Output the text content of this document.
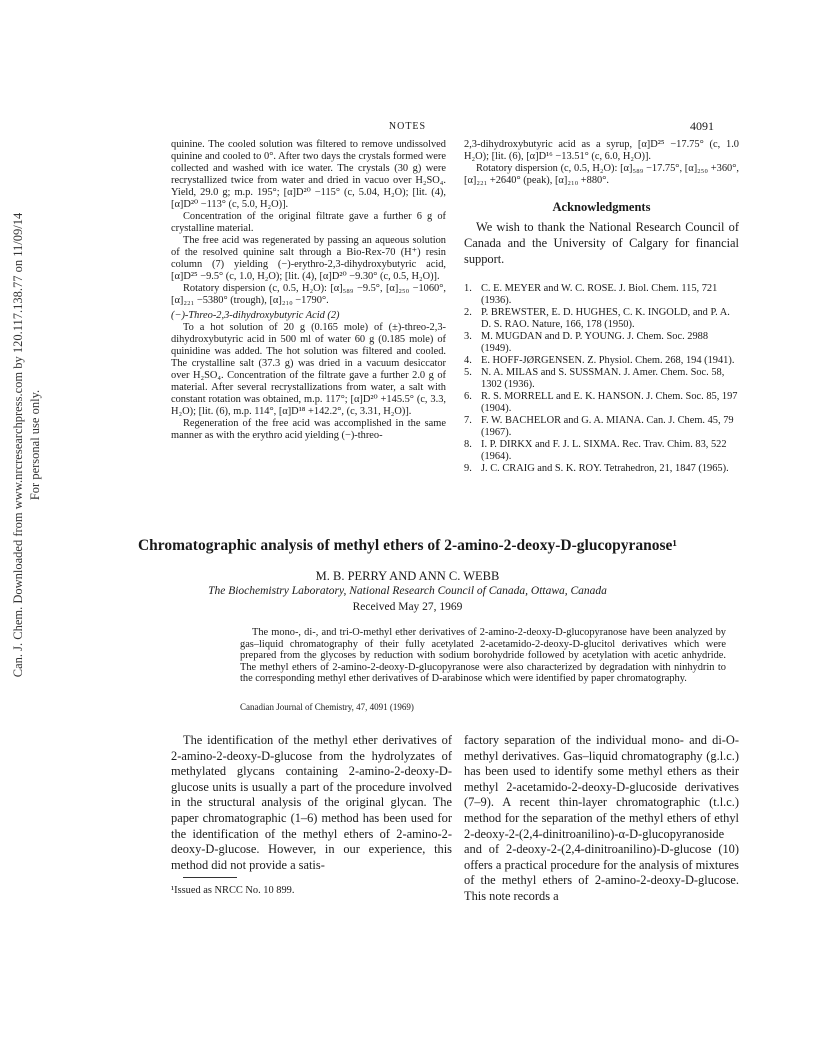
Can. J. Chem. Downloaded from www.nrcresearchpress.com by 120.117.138.77 on 11/09/14 For personal use only.
NOTES	4091

quinine. The cooled solution was filtered to remove undissolved quinine and cooled to 0°. After two days the crystals formed were collected and washed with ice water. The crystals (30 g) were recrystallized twice from water and dried in vacuo over H₂SO₄. Yield, 29.0 g; m.p. 195°; [α]D²⁰ −115° (c, 5.04, H₂O); [lit. (4), [α]D²⁰ −113° (c, 5.0, H₂O)].

Concentration of the original filtrate gave a further 6 g of crystalline material.

The free acid was regenerated by passing an aqueous solution of the resolved quinine salt through a Bio-Rex-70 (H⁺) resin column (7) yielding (−)-erythro-2,3-dihydroxybutyric acid, [α]D²⁵ −9.5° (c, 1.0, H₂O); [lit. (4), [α]D²⁰ −9.30° (c, 0.5, H₂O)].

Rotatory dispersion (c, 0.5, H₂O): [α]₅₈₉ −9.5°, [α]₂₅₀ −1060°, [α]₂₂₁ −5380° (trough), [α]₂₁₀ −1790°.

(−)-Threo-2,3-dihydroxybutyric Acid (2)

To a hot solution of 20 g (0.165 mole) of (±)-threo-2,3-dihydroxybutyric acid in 500 ml of water 60 g (0.185 mole) of quinidine was added. The hot solution was filtered and cooled. The crystalline salt (37.3 g) was dried in a vacuum desiccator over H₂SO₄. Concentration of the filtrate gave a further 2.0 g of material. After several recrystallizations from water, a salt with constant rotation was obtained, m.p. 117°; [α]D²⁰ +145.5° (c, 3.3, H₂O); [lit. (6), m.p. 114°, [α]D¹⁸ +142.2°, (c, 3.31, H₂O)].

Regeneration of the free acid was accomplished in the same manner as with the erythro acid yielding (−)-threo-

2,3-dihydroxybutyric acid as a syrup, [α]D²⁵ −17.75° (c, 1.0 H₂O); [lit. (6), [α]D¹⁶ −13.51° (c, 6.0, H₂O)].

Rotatory dispersion (c, 0.5, H₂O): [α]₅₈₉ −17.75°, [α]₂₅₀ +360°, [α]₂₂₁ +2640° (peak), [α]₂₁₀ +880°.

Acknowledgments
We wish to thank the National Research Council of Canada and the University of Calgary for financial support.
1. C. E. MEYER and W. C. ROSE. J. Biol. Chem. 115, 721 (1936).
2. P. BREWSTER, E. D. HUGHES, C. K. INGOLD, and P. A. D. S. RAO. Nature, 166, 178 (1950).
3. M. MUGDAN and D. P. YOUNG. J. Chem. Soc. 2988 (1949).
4. E. HOFF-JØRGENSEN. Z. Physiol. Chem. 268, 194 (1941).
5. N. A. MILAS and S. SUSSMAN. J. Amer. Chem. Soc. 58, 1302 (1936).
6. R. S. MORRELL and E. K. HANSON. J. Chem. Soc. 85, 197 (1904).
7. F. W. BACHELOR and G. A. MIANA. Can. J. Chem. 45, 79 (1967).
8. I. P. DIRKX and F. J. L. SIXMA. Rec. Trav. Chim. 83, 522 (1964).
9. J. C. CRAIG and S. K. ROY. Tetrahedron, 21, 1847 (1965).
Chromatographic analysis of methyl ethers of 2-amino-2-deoxy-D-glucopyranose¹
M. B. PERRY AND ANN C. WEBB
The Biochemistry Laboratory, National Research Council of Canada, Ottawa, Canada
Received May 27, 1969
The mono-, di-, and tri-O-methyl ether derivatives of 2-amino-2-deoxy-D-glucopyranose have been analyzed by gas–liquid chromatography of their fully acetylated 2-acetamido-2-deoxy-D-glucitol derivatives which were prepared from the glycoses by reduction with sodium borohydride followed by acetylation with acetic anhydride. The methyl ethers of 2-amino-2-deoxy-D-glucopyranose were also characterized by degradation with ninhydrin to the corresponding methyl ether derivatives of D-arabinose which were identified by paper chromatography.
Canadian Journal of Chemistry, 47, 4091 (1969)
The identification of the methyl ether derivatives of 2-amino-2-deoxy-D-glucose from the hydrolyzates of methylated glycans containing 2-amino-2-deoxy-D-glucose units is usually a part of the procedure involved in the structural analysis of the original glycan. The paper chromatographic (1–6) method has been used for the identification of the methyl ethers of 2-amino-2-deoxy-D-glucose. However, in our experience, this method did not provide a satis-
factory separation of the individual mono- and di-O-methyl derivatives. Gas–liquid chromatography (g.l.c.) has been used to identify some methyl ethers as their methyl 2-acetamido-2-deoxy-D-glucoside derivatives (7–9). A recent thin-layer chromatographic (t.l.c.) method for the separation of the methyl ethers of ethyl 2-deoxy-2-(2,4-dinitroanilino)-α-D-glucopyranoside and of 2-deoxy-2-(2,4-dinitroanilino)-D-glucose (10) offers a practical procedure for the analysis of mixtures of the methyl ethers of 2-amino-2-deoxy-D-glucose. This note records a
¹Issued as NRCC No. 10 899.
